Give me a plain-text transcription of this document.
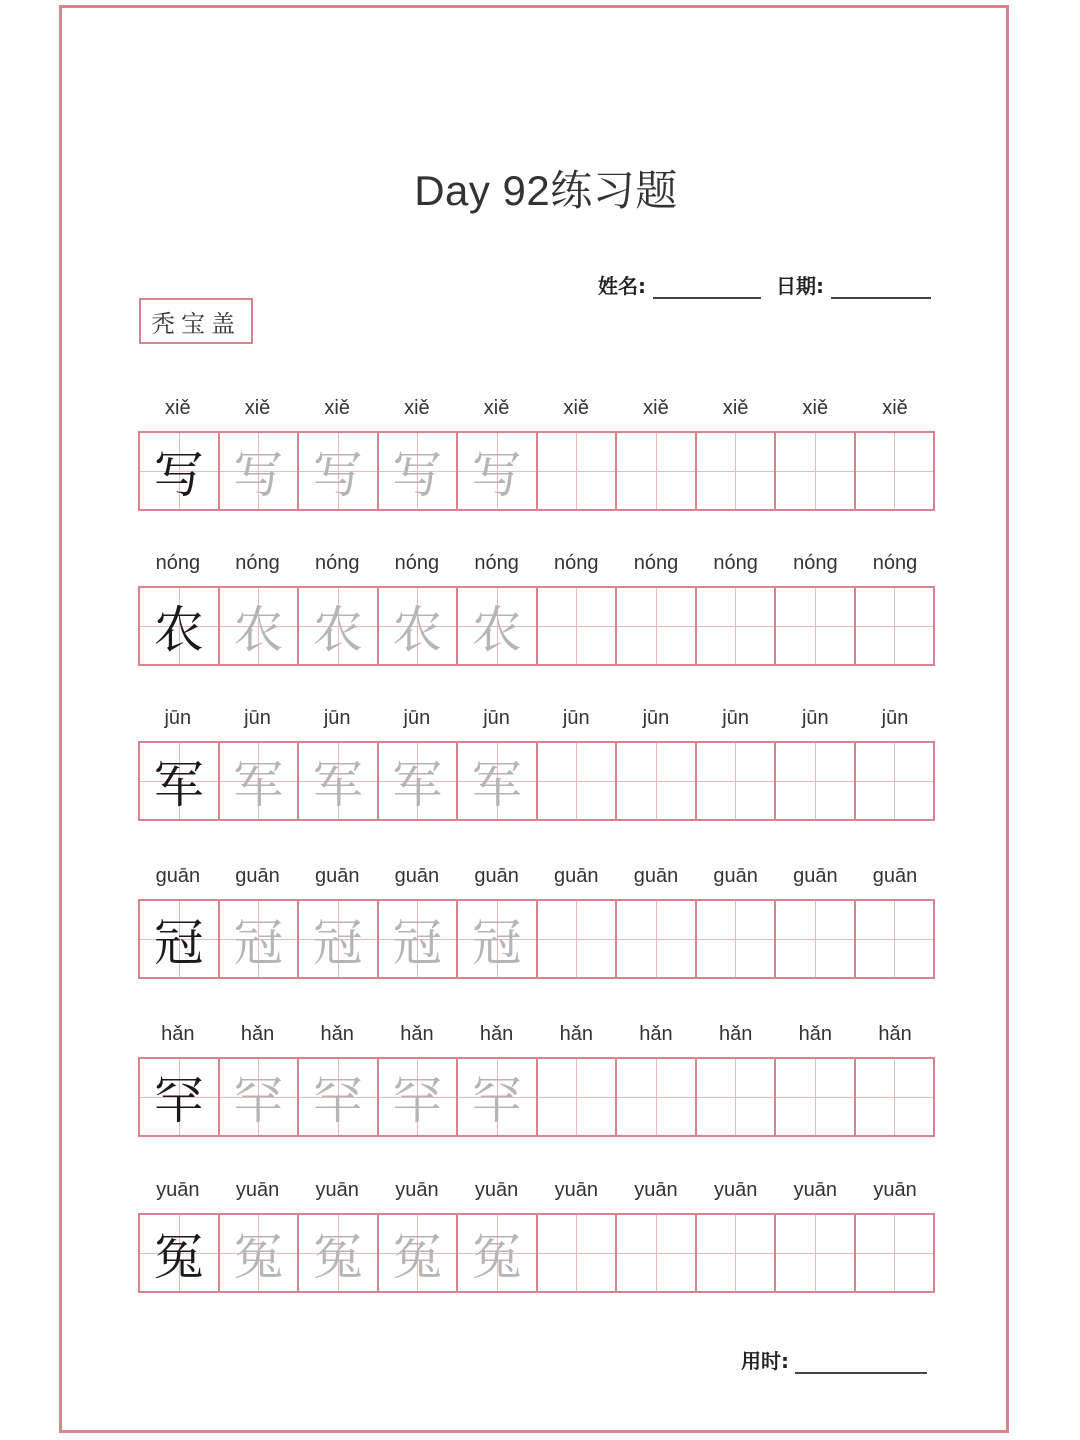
Day 92练习题
姓名:	日期:
秃宝盖
xiě	xiě	xiě	xiě	xiě	xiě	xiě	xiě	xiě	xiě
写 写 写 写 写
nóng	nóng	nóng	nóng	nóng	nóng	nóng	nóng	nóng	nóng
农 农 农 农 农
jūn	jūn	jūn	jūn	jūn	jūn	jūn	jūn	jūn	jūn
军 军 军 军 军
guān	guān	guān	guān	guān	guān	guān	guān	guān	guān
冠 冠 冠 冠 冠
hǎn	hǎn	hǎn	hǎn	hǎn	hǎn	hǎn	hǎn	hǎn	hǎn
罕 罕 罕 罕 罕
yuān	yuān	yuān	yuān	yuān	yuān	yuān	yuān	yuān	yuān
冤 冤 冤 冤 冤
用时:
